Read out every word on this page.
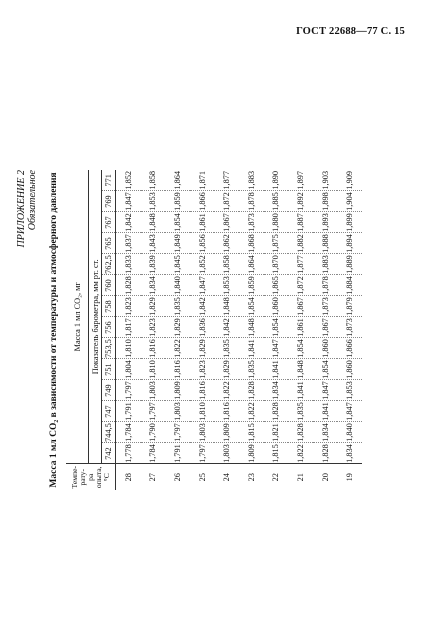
ГОСТ 22688—77 С. 15
ПРИЛОЖЕНИЕ 2 Обязательное Масса 1 мл CO₂ в зависимости от температуры и атмосферного давления Темпе- рату- ра опыта, °С	Масса 1 мл CO₂, мг													
	Показатель барометра, мм рт. ст.													
	742	744,5	747	749	751	753,5	756	758	760	762,5	765	767	769	771
28	1,778	1,784	1,791	1,797	1,804	1,810	1,817	1,823	1,828	1,833	1,837	1,842	1,847	1,852
27	1,784	1,790	1,797	1,803	1,810	1,816	1,823	1,829	1,834	1,839	1,843	1,848	1,853	1,858
26	1,791	1,797	1,803	1,809	1,816	1,822	1,829	1,835	1,840	1,845	1,849	1,854	1,859	1,864
25	1,797	1,803	1,810	1,816	1,823	1,829	1,836	1,842	1,847	1,852	1,856	1,861	1,866	1,871
24	1,803	1,809	1,816	1,822	1,829	1,835	1,842	1,848	1,853	1,858	1,862	1,867	1,872	1,877
23	1,809	1,815	1,822	1,828	1,835	1,841	1,848	1,854	1,859	1,864	1,868	1,873	1,878	1,883
22	1,815	1,821	1,828	1,834	1,841	1,847	1,854	1,860	1,865	1,870	1,875	1,880	1,885	1,890
21	1,822	1,828	1,835	1,841	1,848	1,854	1,861	1,867	1,872	1,877	1,882	1,887	1,892	1,897
20	1,828	1,834	1,841	1,847	1,854	1,860	1,867	1,873	1,878	1,883	1,888	1,893	1,898	1,903
19	1,834	1,840	1,847	1,853	1,860	1,866	1,873	1,879	1,884	1,889	1,894	1,899	1,904	1,909
